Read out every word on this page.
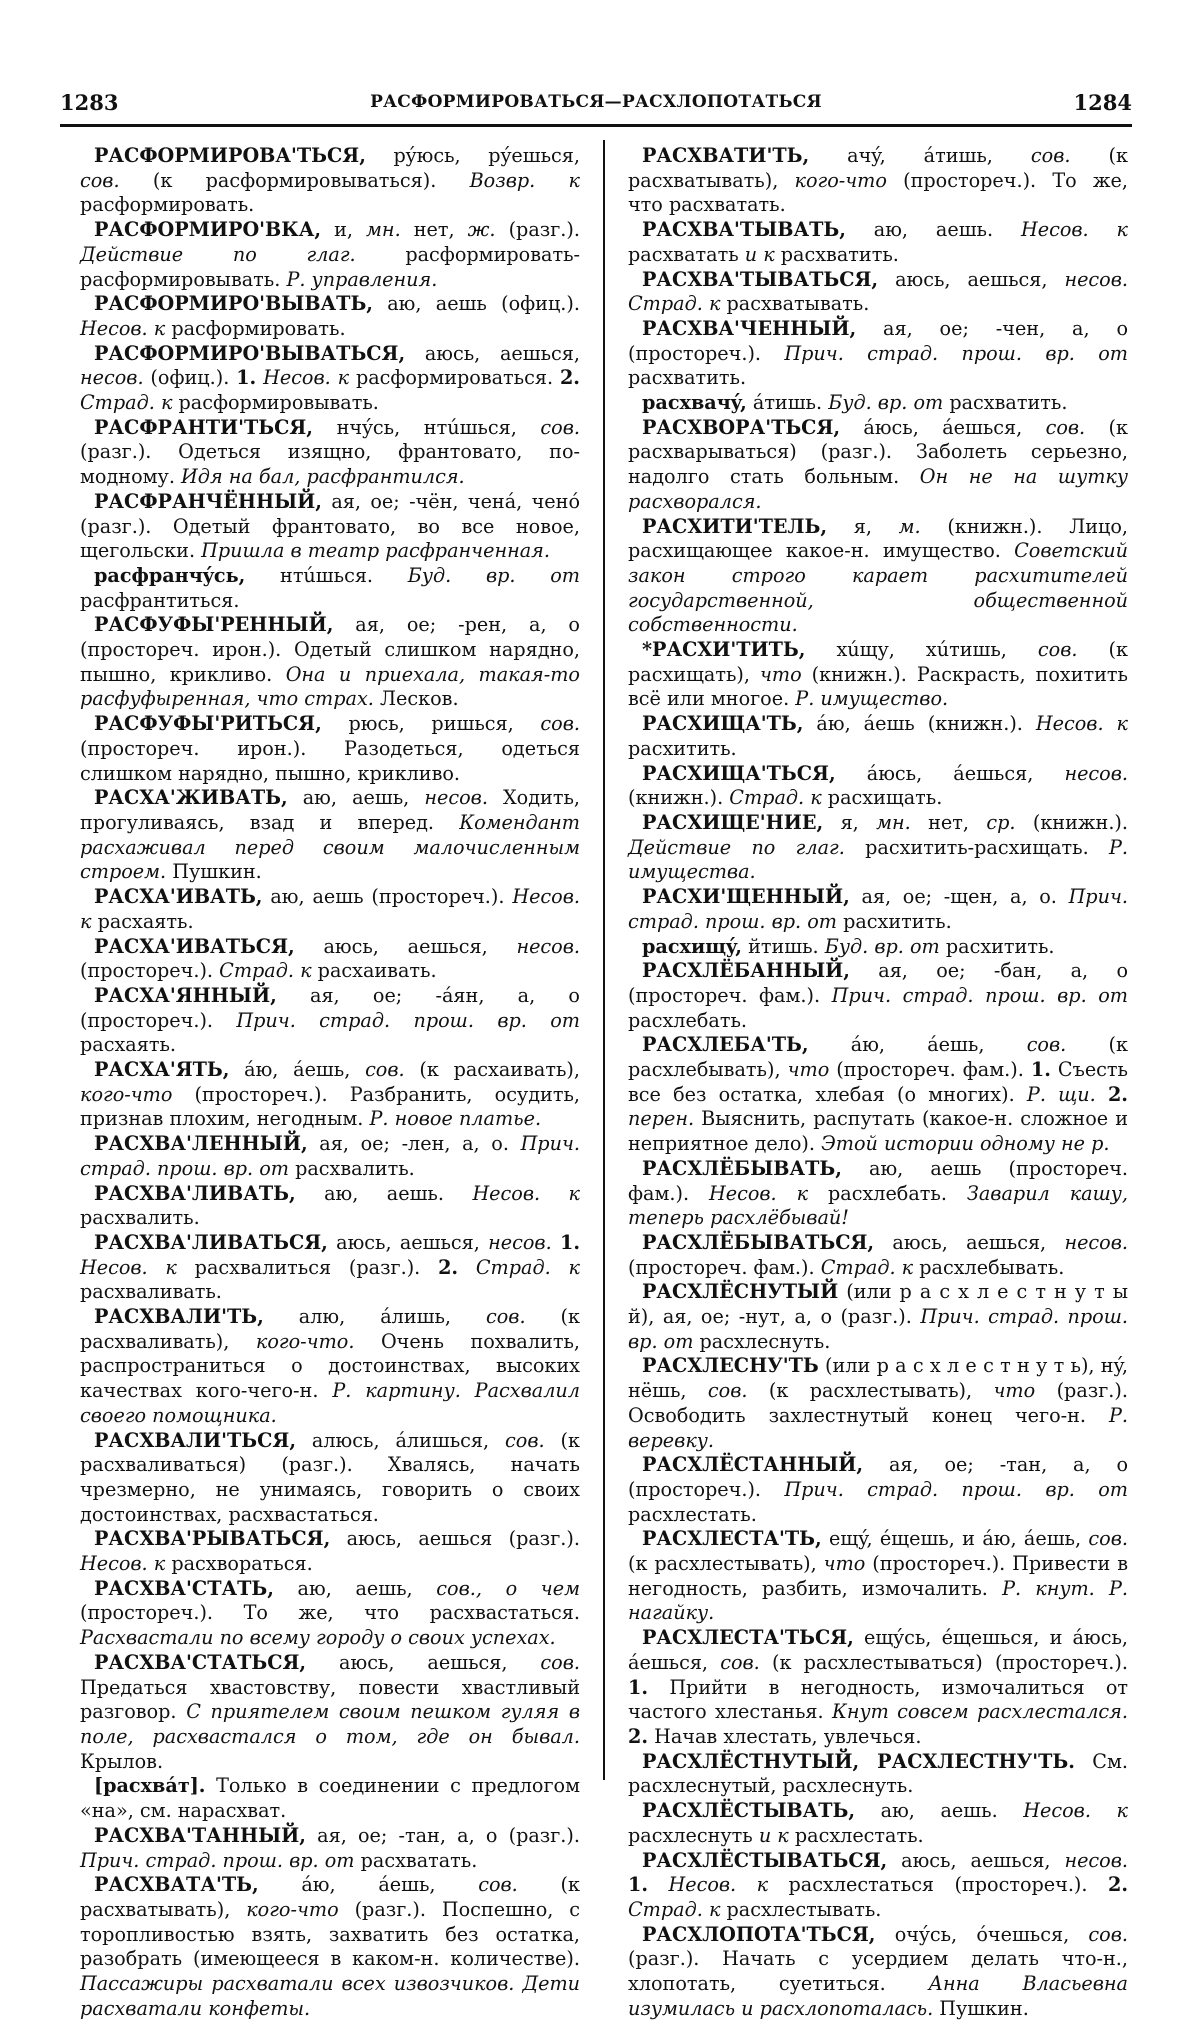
1283	РАСФОРМИРОВАТЬСЯ—РАСХЛОПОТАТЬСЯ	1284

РАСФОРМИРОВА'ТЬСЯ, рýюсь, рýешься, сов. (к расформировываться). Возвр. к расформировать.

РАСФОРМИРО'ВКА, и, мн. нет, ж. (разг.). Действие по глаг. расформировать-расформировывать. Р. управления.

РАСФОРМИРО'ВЫВАТЬ, аю, аешь (офиц.). Несов. к расформировать.

РАСФОРМИРО'ВЫВАТЬСЯ, аюсь, аешься, несов. (офиц.). 1. Несов. к расформироваться. 2. Страд. к расформировывать.

РАСФРАНТИ'ТЬСЯ, нчýсь, нтúшься, сов. (разг.). Одеться изящно, франтовато, по-модному. Идя на бал, расфрантился.

РАСФРАНЧЁННЫЙ, ая, ое; -чён, ченá, ченó (разг.). Одетый франтовато, во все новое, щегольски. Пришла в театр расфранченная.

расфранчýсь, нтúшься. Буд. вр. от расфрантиться.

РАСФУФЫ'РЕННЫЙ, ая, ое; -рен, а, о (простореч. ирон.). Одетый слишком нарядно, пышно, крикливо. Она и приехала, такая-то расфуфыренная, что страх. Лесков.

РАСФУФЫ'РИТЬСЯ, рюсь, ришься, сов. (простореч. ирон.). Разодеться, одеться слишком нарядно, пышно, крикливо.

РАСХА'ЖИВАТЬ, аю, аешь, несов. Ходить, прогуливаясь, взад и вперед. Комендант расхаживал перед своим малочисленным строем. Пушкин.

РАСХА'ИВАТЬ, аю, аешь (простореч.). Несов. к расхаять.

РАСХА'ИВАТЬСЯ, аюсь, аешься, несов. (простореч.). Страд. к расхаивать.

РАСХА'ЯННЫЙ, ая, ое; -áян, а, о (простореч.). Прич. страд. прош. вр. от расхаять.

РАСХА'ЯТЬ, áю, áешь, сов. (к расхаивать), кого-что (простореч.). Разбранить, осудить, признав плохим, негодным. Р. новое платье.

РАСХВА'ЛЕННЫЙ, ая, ое; -лен, а, о. Прич. страд. прош. вр. от расхвалить.

РАСХВА'ЛИВАТЬ, аю, аешь. Несов. к расхвалить.

РАСХВА'ЛИВАТЬСЯ, аюсь, аешься, несов. 1. Несов. к расхвалиться (разг.). 2. Страд. к расхваливать.

РАСХВАЛИ'ТЬ, алю, áлишь, сов. (к расхваливать), кого-что. Очень похвалить, распространиться о достоинствах, высоких качествах кого-чего-н. Р. картину. Расхвалил своего помощника.

РАСХВАЛИ'ТЬСЯ, алюсь, áлишься, сов. (к расхваливаться) (разг.). Хвалясь, начать чрезмерно, не унимаясь, говорить о своих достоинствах, расхвастаться.

РАСХВА'РЫВАТЬСЯ, аюсь, аешься (разг.). Несов. к расхвораться.

РАСХВА'СТАТЬ, аю, аешь, сов., о чем (простореч.). То же, что расхвастаться. Расхвастали по всему городу о своих успехах.

РАСХВА'СТАТЬСЯ, аюсь, аешься, сов. Предаться хвастовству, повести хвастливый разговор. С приятелем своим пешком гуляя в поле, расхвастался о том, где он бывал. Крылов.

[расхвáт]. Только в соединении с предлогом «на», см. нарасхват.

РАСХВА'ТАННЫЙ, ая, ое; -тан, а, о (разг.). Прич. страд. прош. вр. от расхватать.

РАСХВАТА'ТЬ, áю, áешь, сов. (к расхватывать), кого-что (разг.). Поспешно, с торопливостью взять, захватить без остатка, разобрать (имеющееся в каком-н. количестве). Пассажиры расхватали всех извозчиков. Дети расхватали конфеты.

РАСХВАТИ'ТЬ, ачý, áтишь, сов. (к расхватывать), кого-что (простореч.). То же, что расхватать.

РАСХВА'ТЫВАТЬ, аю, аешь. Несов. к расхватать и к расхватить.

РАСХВА'ТЫВАТЬСЯ, аюсь, аешься, несов. Страд. к расхватывать.

РАСХВА'ЧЕННЫЙ, ая, ое; -чен, а, о (простореч.). Прич. страд. прош. вр. от расхватить.

расхвачý, áтишь. Буд. вр. от расхватить.

РАСХВОРА'ТЬСЯ, áюсь, áешься, сов. (к расхварываться) (разг.). Заболеть серьезно, надолго стать больным. Он не на шутку расхворался.

РАСХИТИ'ТЕЛЬ, я, м. (книжн.). Лицо, расхищающее какое-н. имущество. Советский закон строго карает расхитителей государственной, общественной собственности.

*РАСХИ'ТИТЬ, хúщу, хúтишь, сов. (к расхищать), что (книжн.). Раскрасть, похитить всё или многое. Р. имущество.

РАСХИЩА'ТЬ, áю, áешь (книжн.). Несов. к расхитить.

РАСХИЩА'ТЬСЯ, áюсь, áешься, несов. (книжн.). Страд. к расхищать.

РАСХИЩЕ'НИЕ, я, мн. нет, ср. (книжн.). Действие по глаг. расхитить-расхищать. Р. имущества.

РАСХИ'ЩЕННЫЙ, ая, ое; -щен, а, о. Прич. страд. прош. вр. от расхитить.

расхищý, йтишь. Буд. вр. от расхитить.

РАСХЛЁБАННЫЙ, ая, ое; -бан, а, о (простореч. фам.). Прич. страд. прош. вр. от расхлебать.

РАСХЛЕБА'ТЬ, áю, áешь, сов. (к расхлебывать), что (простореч. фам.). 1. Съесть все без остатка, хлебая (о многих). Р. щи. 2. перен. Выяснить, распутать (какое-н. сложное и неприятное дело). Этой истории одному не р.

РАСХЛЁБЫВАТЬ, аю, аешь (простореч. фам.). Несов. к расхлебать. Заварил кашу, теперь расхлёбывай!

РАСХЛЁБЫВАТЬСЯ, аюсь, аешься, несов. (простореч. фам.). Страд. к расхлебывать.

РАСХЛЁСНУТЫЙ (или р а с х л е с т н у т ы й), ая, ое; -нут, а, о (разг.). Прич. страд. прош. вр. от расхлеснуть.

РАСХЛЕСНУ'ТЬ (или р а с х л е с т н у т ь), нý, нёшь, сов. (к расхлестывать), что (разг.). Освободить захлестнутый конец чего-н. Р. веревку.

РАСХЛЁСТАННЫЙ, ая, ое; -тан, а, о (простореч.). Прич. страд. прош. вр. от расхлестать.

РАСХЛЕСТА'ТЬ, ещý, éщешь, и áю, áешь, сов. (к расхлестывать), что (простореч.). Привести в негодность, разбить, измочалить. Р. кнут. Р. нагайку.

РАСХЛЕСТА'ТЬСЯ, ещýсь, éщешься, и áюсь, áешься, сов. (к расхлестываться) (простореч.). 1. Прийти в негодность, измочалиться от частого хлестанья. Кнут совсем расхлестался. 2. Начав хлестать, увлечься.

РАСХЛЁСТНУТЫЙ, РАСХЛЕСТНУ'ТЬ. См. расхлеснутый, расхлеснуть.

РАСХЛЁСТЫВАТЬ, аю, аешь. Несов. к расхлеснуть и к расхлестать.

РАСХЛЁСТЫВАТЬСЯ, аюсь, аешься, несов. 1. Несов. к расхлестаться (простореч.). 2. Страд. к расхлестывать.

РАСХЛОПОТА'ТЬСЯ, очýсь, óчешься, сов. (разг.). Начать с усердием делать что-н., хлопотать, суетиться. Анна Власьевна изумилась и расхлопоталась. Пушкин.
